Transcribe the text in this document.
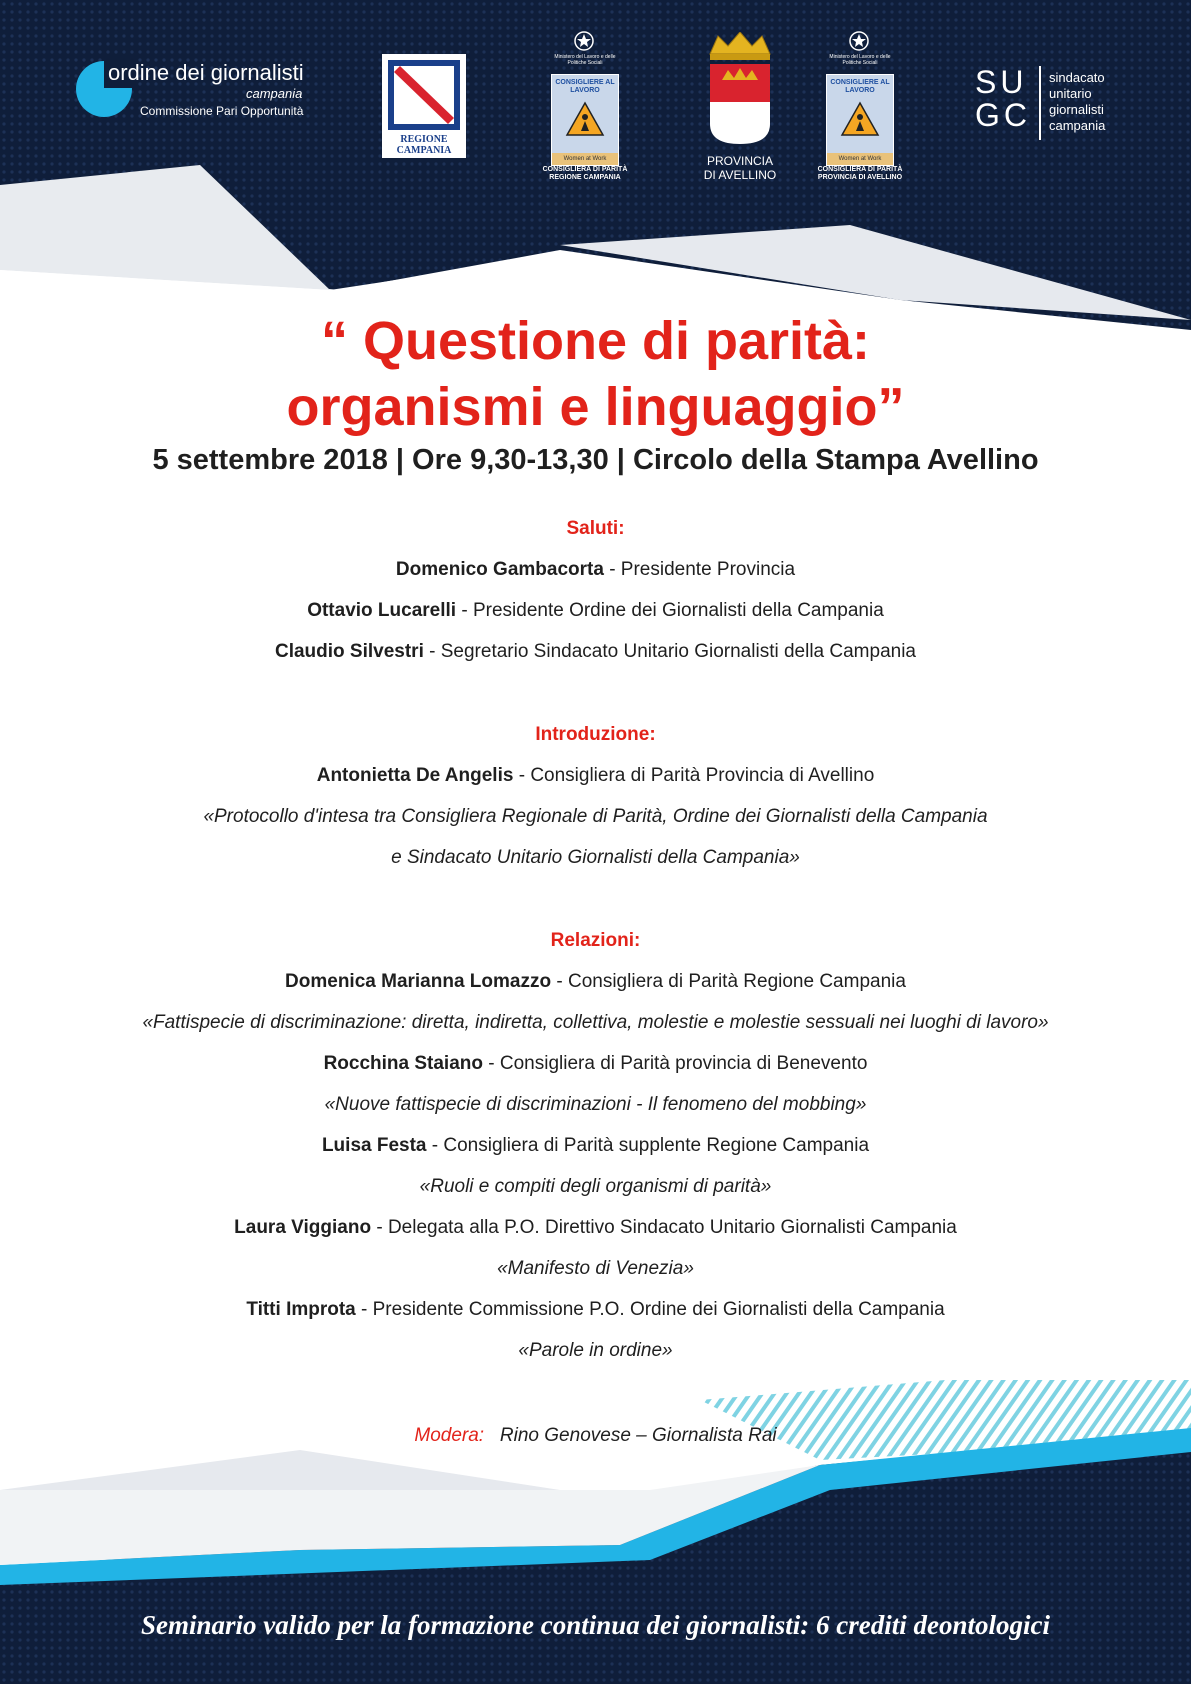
ordine dei giornalisti
campania
Commissione Pari Opportunità
REGIONE CAMPANIA
Ministero del Lavoro e delle Politiche Sociali
CONSIGLIERE AL LAVORO
Women at Work
CONSIGLIERA DI PARITÀ
REGIONE CAMPANIA
PROVINCIA
DI AVELLINO
Ministero del Lavoro e delle Politiche Sociali
CONSIGLIERE AL LAVORO
Women at Work
CONSIGLIERA DI PARITÀ
PROVINCIA DI AVELLINO
SU
GC
sindacato
unitario
giornalisti
campania
“ Questione di parità:
organismi e linguaggio”
5 settembre 2018 | Ore 9,30-13,30 | Circolo della Stampa Avellino
Saluti:
Domenico Gambacorta - Presidente Provincia
Ottavio Lucarelli - Presidente Ordine dei Giornalisti della Campania
Claudio Silvestri - Segretario Sindacato Unitario Giornalisti della Campania
Introduzione:
Antonietta De Angelis - Consigliera di Parità Provincia di Avellino
«Protocollo d'intesa tra Consigliera Regionale di Parità, Ordine dei Giornalisti della Campania
e Sindacato Unitario Giornalisti della Campania»
Relazioni:
Domenica Marianna Lomazzo - Consigliera di Parità Regione Campania
«Fattispecie di discriminazione: diretta, indiretta, collettiva, molestie e molestie sessuali nei luoghi di lavoro»
Rocchina Staiano - Consigliera di Parità provincia di Benevento
«Nuove fattispecie di discriminazioni - Il fenomeno del mobbing»
Luisa Festa - Consigliera di Parità supplente Regione Campania
«Ruoli e compiti degli organismi di parità»
Laura Viggiano - Delegata alla P.O. Direttivo Sindacato Unitario Giornalisti Campania
«Manifesto di Venezia»
Titti Improta - Presidente Commissione P.O. Ordine dei Giornalisti della Campania
«Parole in ordine»
Modera: Rino Genovese – Giornalista Rai
Seminario valido per la formazione continua dei giornalisti: 6 crediti deontologici
